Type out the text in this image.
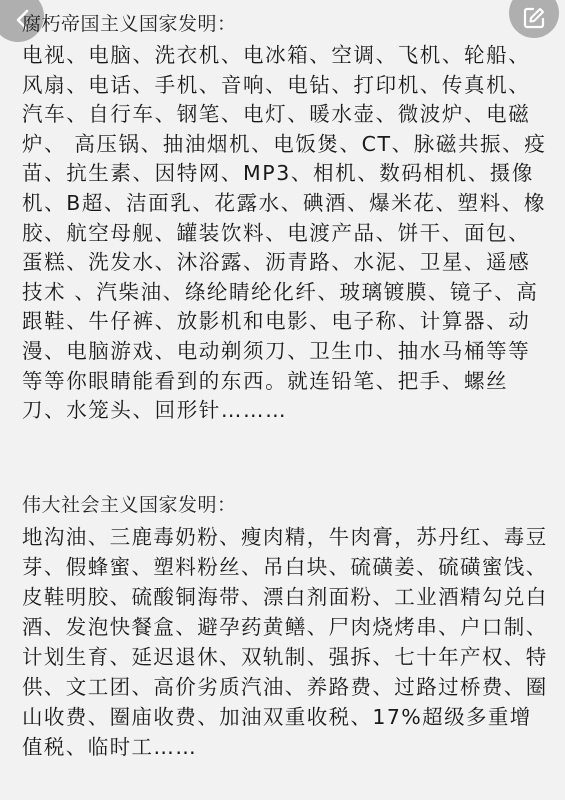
腐朽帝国主义国家发明：

电视、电脑、洗衣机、电冰箱、空调、飞机、轮船、风扇、电话、手机、音响、电钻、打印机、传真机、汽车、自行车、钢笔、电灯、暖水壶、微波炉、电磁炉、 高压锅、抽油烟机、电饭煲、CT、脉磁共振、疫苗、抗生素、因特网、MP3、相机、数码相机、摄像机、B超、洁面乳、花露水、碘酒、爆米花、塑料、橡胶、航空母舰、罐装饮料、电渡产品、饼干、面包、蛋糕、洗发水、沐浴露、沥青路、水泥、卫星、遥感技术 、汽柴油、绦纶睛纶化纤、玻璃镀膜、镜子、高跟鞋、牛仔裤、放影机和电影、电子称、计算器、动漫、电脑游戏、电动剃须刀、卫生巾、抽水马桶等等等等你眼睛能看到的东西。就连铅笔、把手、螺丝刀、水笼头、回形针………

伟大社会主义国家发明：

地沟油、三鹿毒奶粉、瘦肉精，牛肉膏，苏丹红、毒豆芽、假蜂蜜、塑料粉丝、吊白块、硫磺姜、硫磺蜜饯、皮鞋明胶、硫酸铜海带、漂白剂面粉、工业酒精勾兑白酒、发泡快餐盒、避孕药黄鳝、尸肉烧烤串、户口制、计划生育、延迟退休、双轨制、强拆、七十年产权、特供、文工团、高价劣质汽油、养路费、过路过桥费、圈山收费、圈庙收费、加油双重收税、17%超级多重增值税、临时工……
